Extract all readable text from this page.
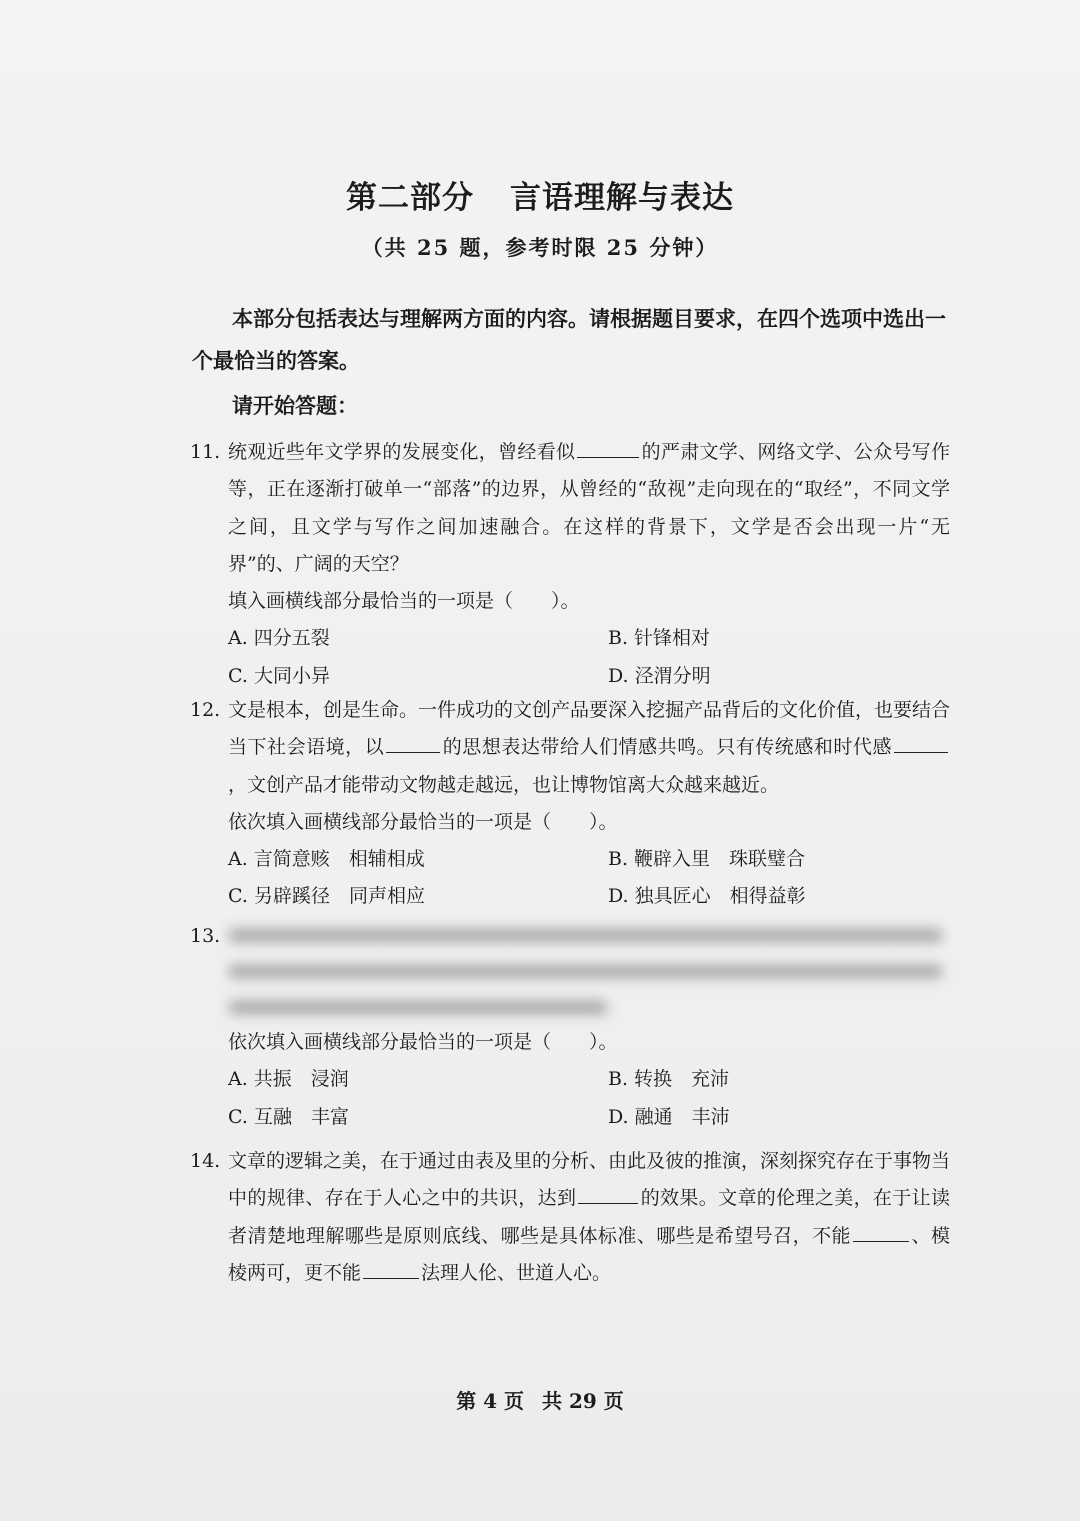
第二部分 言语理解与表达
（共 25 题，参考时限 25 分钟）

本部分包括表达与理解两方面的内容。请根据题目要求，在四个选项中选出一个最恰当的答案。

请开始答题：
11. 统观近些年文学界的发展变化，曾经看似	的严肃文学、网络文学、公众号写作等，正在逐渐打破单一“部落”的边界，从曾经的“敌视”走向现在的“取经”，不同文学之间，且文学与写作之间加速融合。在这样的背景下，文学是否会出现一片“无界”的、广阔的天空？
填入画横线部分最恰当的一项是（　　）。
A. 四分五裂	B. 针锋相对
C. 大同小异	D. 泾渭分明
12. 文是根本，创是生命。一件成功的文创产品要深入挖掘产品背后的文化价值，也要结合当下社会语境，以	的思想表达带给人们情感共鸣。只有传统感和时代感，文创产品才能带动文物越走越远，也让博物馆离大众越来越近。
依次填入画横线部分最恰当的一项是（　　）。
A. 言简意赅　相辅相成	B. 鞭辟入里　珠联璧合
C. 另辟蹊径　同声相应	D. 独具匠心　相得益彰
13.
依次填入画横线部分最恰当的一项是（　　）。
A. 共振　浸润	B. 转换　充沛
C. 互融　丰富	D. 融通　丰沛
14. 文章的逻辑之美，在于通过由表及里的分析、由此及彼的推演，深刻探究存在于事物当中的规律、存在于人心之中的共识，达到	的效果。文章的伦理之美，在于让读者清楚地理解哪些是原则底线、哪些是具体标准、哪些是希望号召，不能	、模棱两可，更不能	法理人伦、世道人心。
第 4 页 共 29 页
